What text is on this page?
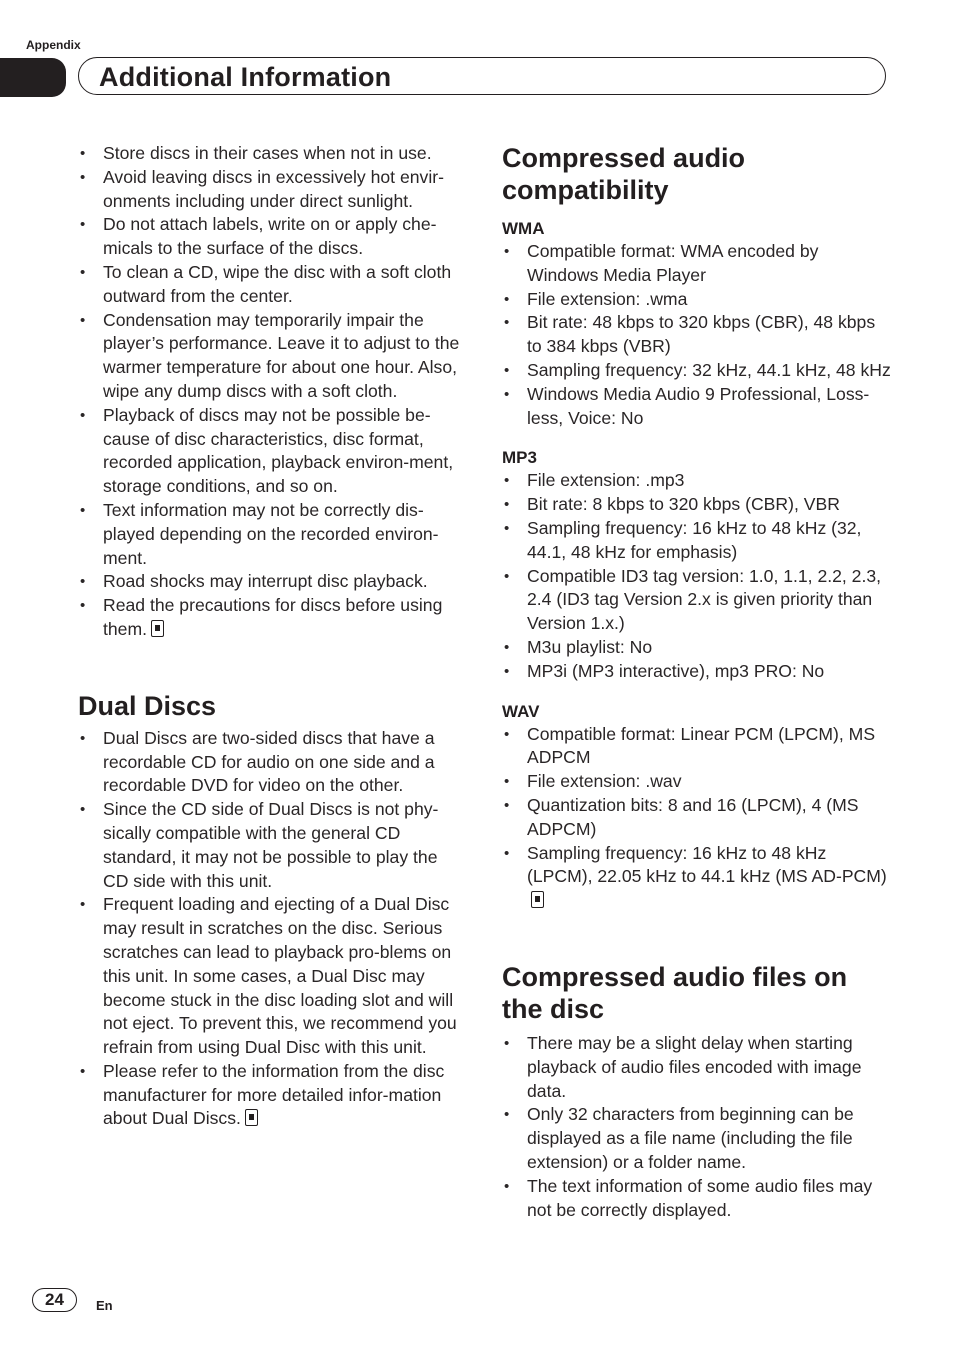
Appendix
Additional Information
• Store discs in their cases when not in use.
• Avoid leaving discs in excessively hot envir-onments including under direct sunlight.
• Do not attach labels, write on or apply che-micals to the surface of the discs.
• To clean a CD, wipe the disc with a soft cloth outward from the center.
• Condensation may temporarily impair the player’s performance. Leave it to adjust to the warmer temperature for about one hour. Also, wipe any dump discs with a soft cloth.
• Playback of discs may not be possible be-cause of disc characteristics, disc format, recorded application, playback environ-ment, storage conditions, and so on.
• Text information may not be correctly dis-played depending on the recorded environ-ment.
• Road shocks may interrupt disc playback.
• Read the precautions for discs before using them.
Dual Discs
• Dual Discs are two-sided discs that have a recordable CD for audio on one side and a recordable DVD for video on the other.
• Since the CD side of Dual Discs is not phy-sically compatible with the general CD standard, it may not be possible to play the CD side with this unit.
• Frequent loading and ejecting of a Dual Disc may result in scratches on the disc. Serious scratches can lead to playback pro-blems on this unit. In some cases, a Dual Disc may become stuck in the disc loading slot and will not eject. To prevent this, we recommend you refrain from using Dual Disc with this unit.
• Please refer to the information from the disc manufacturer for more detailed infor-mation about Dual Discs.
Compressed audio compatibility
WMA
• Compatible format: WMA encoded by Windows Media Player
• File extension: .wma
• Bit rate: 48 kbps to 320 kbps (CBR), 48 kbps to 384 kbps (VBR)
• Sampling frequency: 32 kHz, 44.1 kHz, 48 kHz
• Windows Media Audio 9 Professional, Loss-less, Voice: No
MP3
• File extension: .mp3
• Bit rate: 8 kbps to 320 kbps (CBR), VBR
• Sampling frequency: 16 kHz to 48 kHz (32, 44.1, 48 kHz for emphasis)
• Compatible ID3 tag version: 1.0, 1.1, 2.2, 2.3, 2.4 (ID3 tag Version 2.x is given priority than Version 1.x.)
• M3u playlist: No
• MP3i (MP3 interactive), mp3 PRO: No
WAV
• Compatible format: Linear PCM (LPCM), MS ADPCM
• File extension: .wav
• Quantization bits: 8 and 16 (LPCM), 4 (MS ADPCM)
• Sampling frequency: 16 kHz to 48 kHz (LPCM), 22.05 kHz to 44.1 kHz (MS AD-PCM)
Compressed audio files on the disc
• There may be a slight delay when starting playback of audio files encoded with image data.
• Only 32 characters from beginning can be displayed as a file name (including the file extension) or a folder name.
• The text information of some audio files may not be correctly displayed.
24	En
